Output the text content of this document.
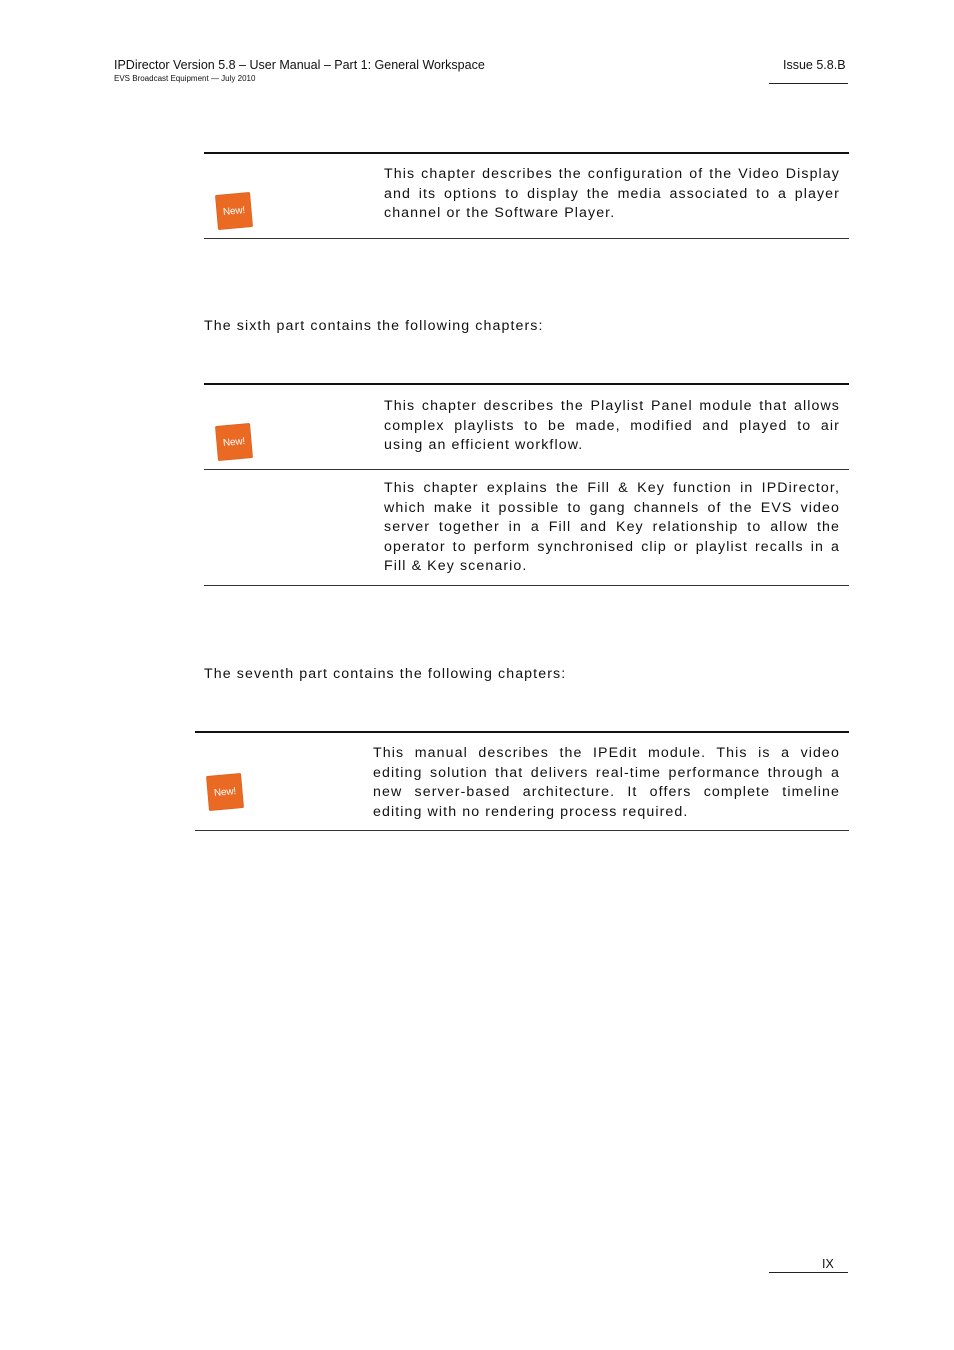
IPDirector Version 5.8 – User Manual – Part 1: General Workspace
EVS Broadcast Equipment — July 2010
Issue 5.8.B
New!
This chapter describes the configuration of the Video Display and its options to display the media associated to a player channel or the Software Player.
The sixth part contains the following chapters:
New!
This chapter describes the Playlist Panel module that allows complex playlists to be made, modified and played to air using an efficient workflow.
This chapter explains the Fill & Key function in IPDirector, which make it possible to gang channels of the EVS video server together in a Fill and Key relationship to allow the operator to perform synchronised clip or playlist recalls in a Fill & Key scenario.
The seventh part contains the following chapters:
New!
This manual describes the IPEdit module. This is a video editing solution that delivers real-time performance through a new server-based architecture. It offers complete timeline editing with no rendering process required.
IX
